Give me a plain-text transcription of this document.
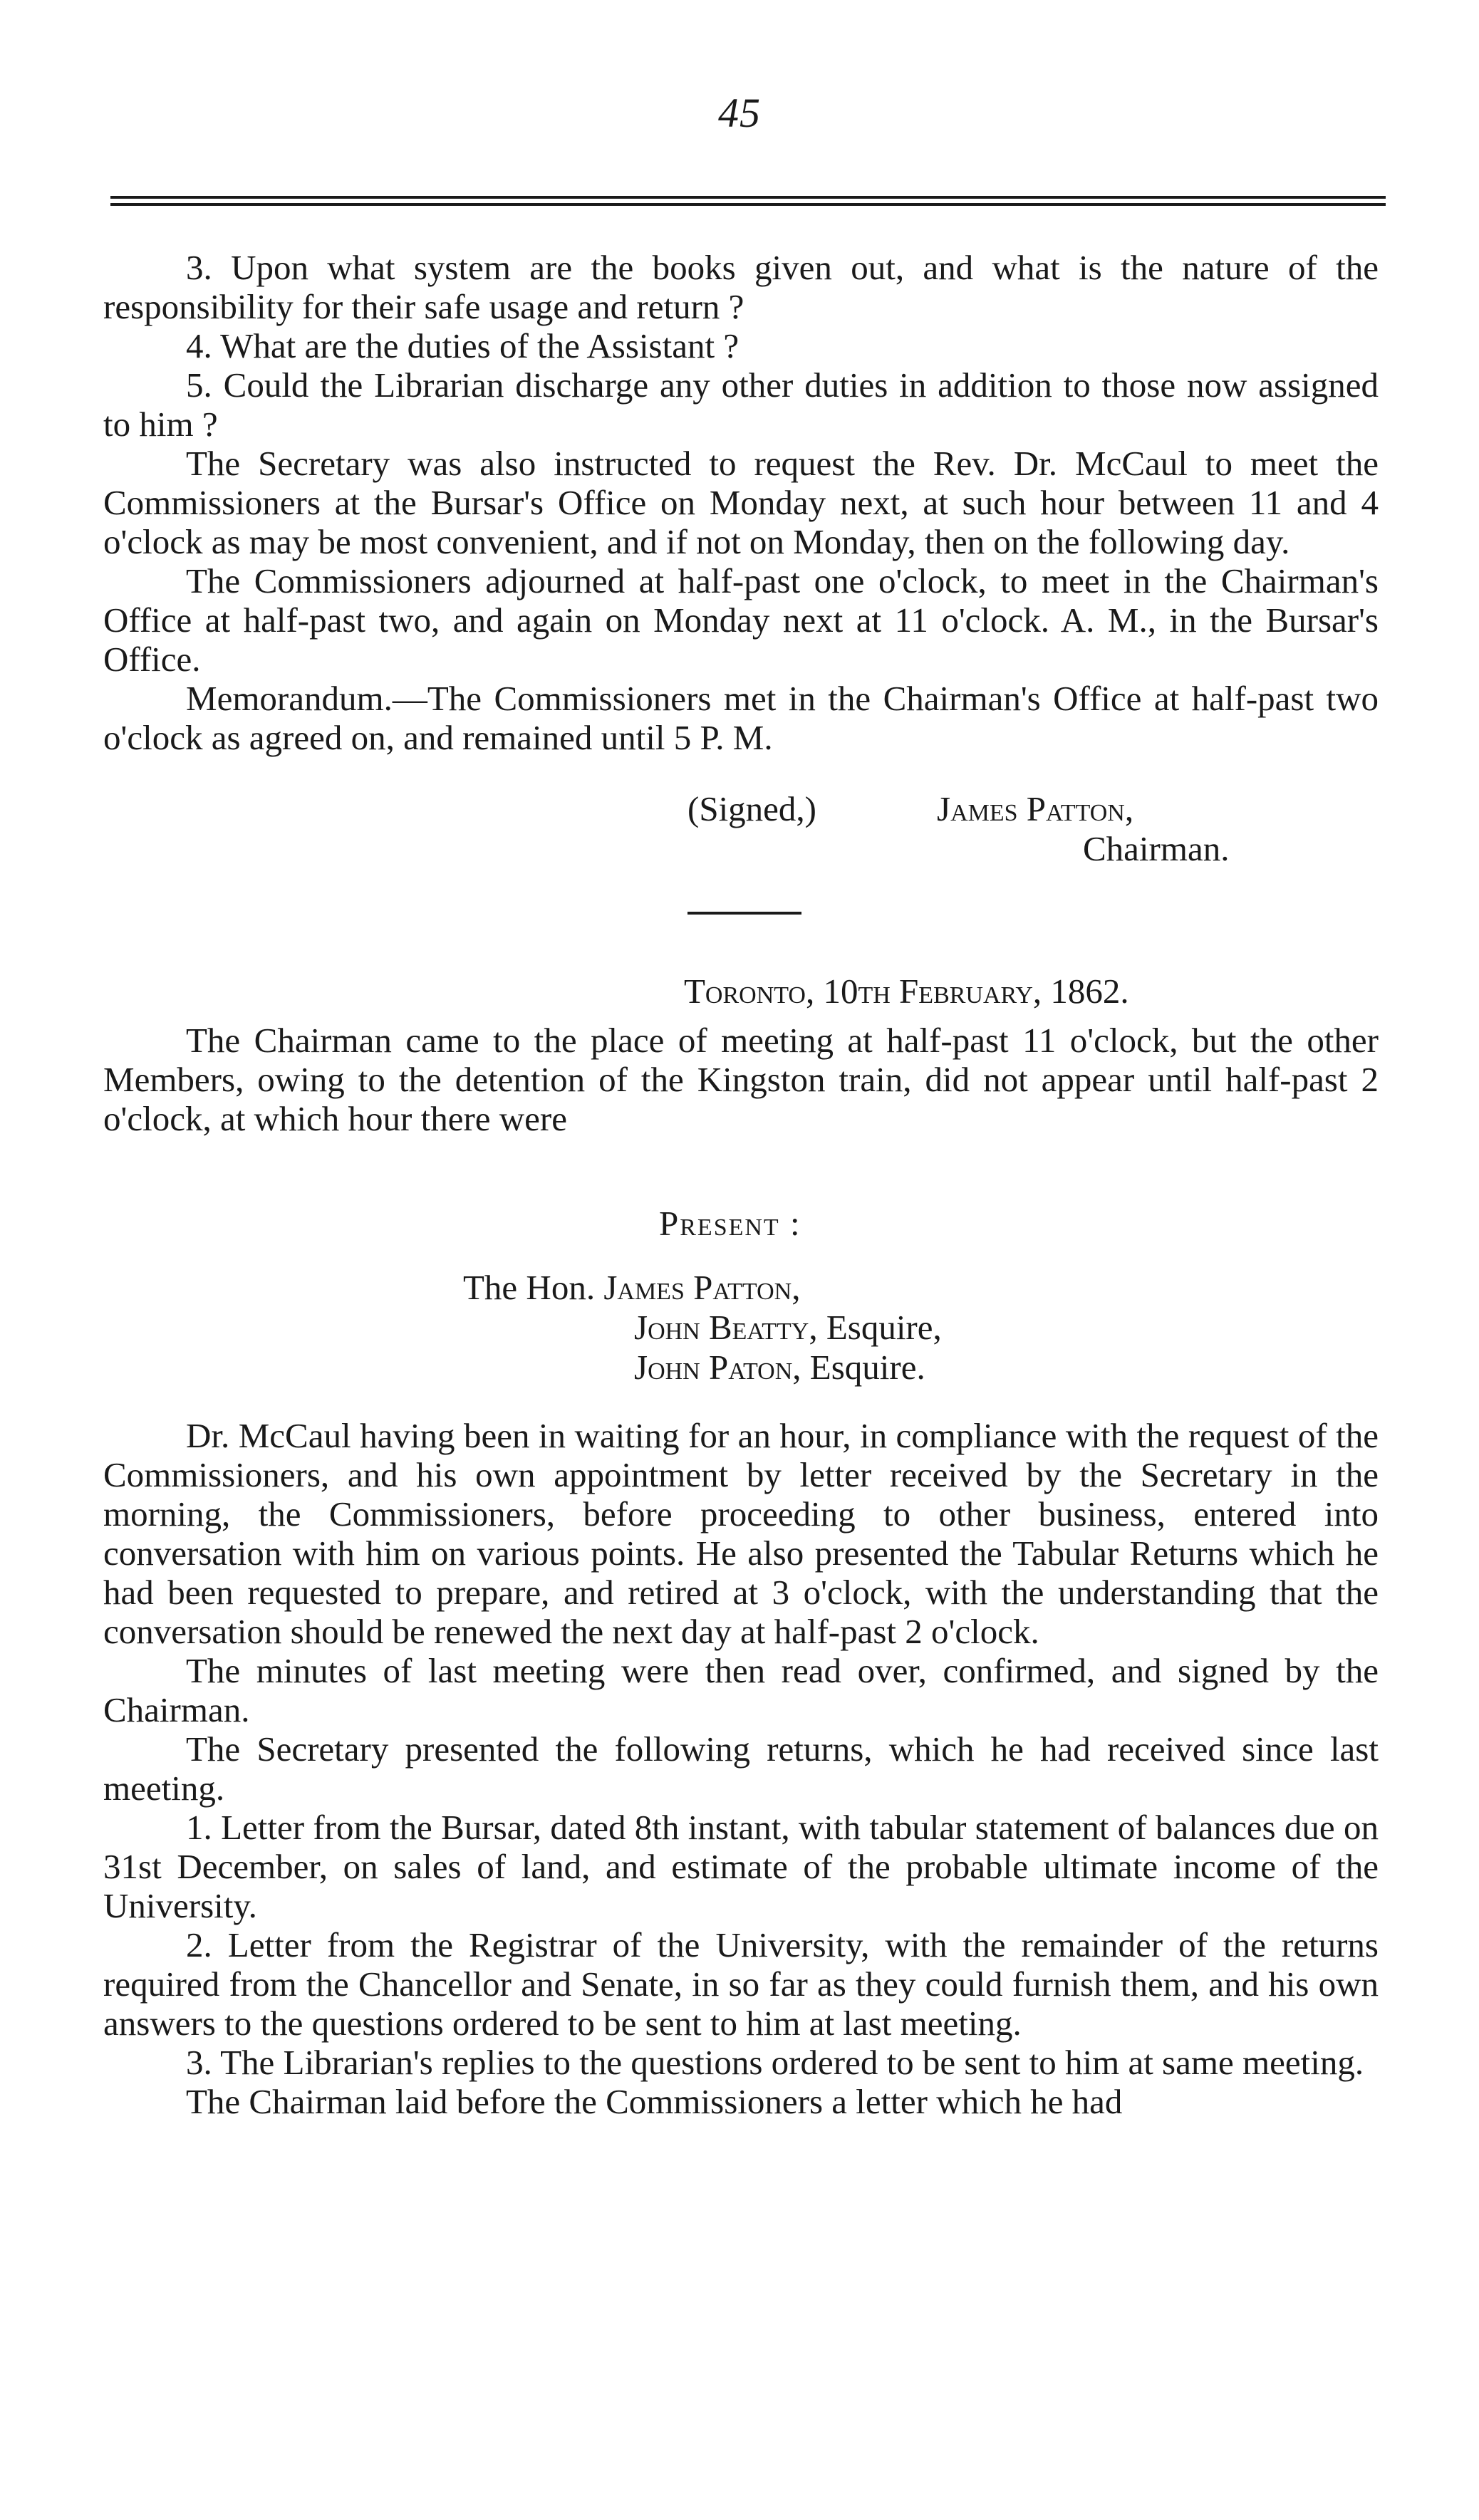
45

3. Upon what system are the books given out, and what is the nature of the responsibility for their safe usage and return ?

4. What are the duties of the Assistant ?

5. Could the Librarian discharge any other duties in addition to those now assigned to him ?

The Secretary was also instructed to request the Rev. Dr. McCaul to meet the Commissioners at the Bursar's Office on Monday next, at such hour between 11 and 4 o'clock as may be most convenient, and if not on Monday, then on the following day.

The Commissioners adjourned at half-past one o'clock, to meet in the Chairman's Office at half-past two, and again on Monday next at 11 o'clock. A. M., in the Bursar's Office.

Memorandum.—The Commissioners met in the Chairman's Office at half-past two o'clock as agreed on, and remained until 5 P. M.

(Signed,)	James Patton,
Chairman.

Toronto, 10th February, 1862.

The Chairman came to the place of meeting at half-past 11 o'clock, but the other Members, owing to the detention of the Kingston train, did not appear until half-past 2 o'clock, at which hour there were

Present :

The Hon. James Patton,
John Beatty, Esquire,
John Paton, Esquire.

Dr. McCaul having been in waiting for an hour, in compliance with the request of the Commissioners, and his own appointment by letter received by the Secretary in the morning, the Commissioners, before proceeding to other business, entered into conversation with him on various points. He also presented the Tabular Returns which he had been requested to prepare, and retired at 3 o'clock, with the understanding that the conversation should be renewed the next day at half-past 2 o'clock.

The minutes of last meeting were then read over, confirmed, and signed by the Chairman.

The Secretary presented the following returns, which he had received since last meeting.

1. Letter from the Bursar, dated 8th instant, with tabular statement of balances due on 31st December, on sales of land, and estimate of the probable ultimate income of the University.

2. Letter from the Registrar of the University, with the remainder of the returns required from the Chancellor and Senate, in so far as they could furnish them, and his own answers to the questions ordered to be sent to him at last meeting.

3. The Librarian's replies to the questions ordered to be sent to him at same meeting.

The Chairman laid before the Commissioners a letter which he had
